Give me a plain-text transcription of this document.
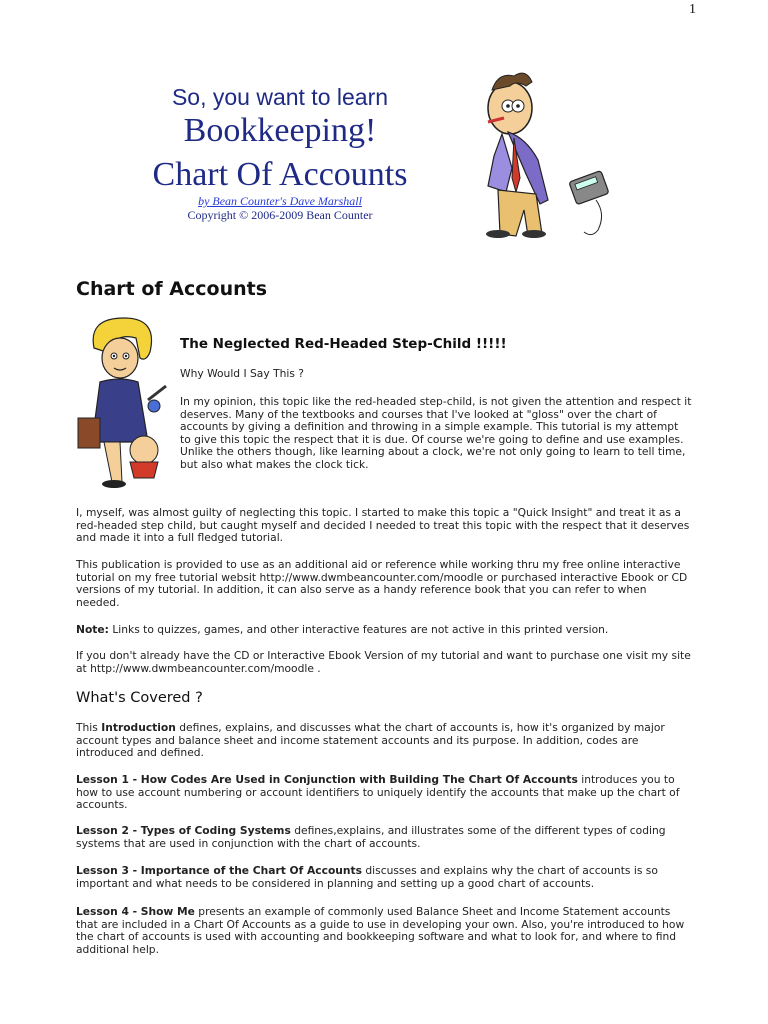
1
So, you want to learn
Bookkeeping!
Chart Of Accounts
by Bean Counter's Dave Marshall
Copyright © 2006-2009 Bean Counter
Chart of Accounts
The Neglected Red-Headed Step-Child !!!!!
Why Would I Say This ?
In my opinion, this topic like the red-headed step-child, is not given the attention and respect it deserves. Many of the textbooks and courses that I've looked at "gloss" over the chart of accounts by giving a definition and throwing in a simple example. This tutorial is my attempt to give this topic the respect that it is due. Of course we're going to define and use examples. Unlike the others though, like learning about a clock, we're not only going to learn to tell time, but also what makes the clock tick.
I, myself, was almost guilty of neglecting this topic. I started to make this topic a "Quick Insight" and treat it as a red-headed step child, but caught myself and decided I needed to treat this topic with the respect that it deserves and made it into a full fledged tutorial.
This publication is provided to use as an additional aid or reference while working thru my free online interactive tutorial on my free tutorial websit http://www.dwmbeancounter.com/moodle or purchased interactive Ebook or CD versions of my tutorial. In addition, it can also serve as a handy reference book that you can refer to when needed.
Note: Links to quizzes, games, and other interactive features are not active in this printed version.
If you don't already have the CD or Interactive Ebook Version of my tutorial and want to purchase one visit my site at http://www.dwmbeancounter.com/moodle .
What's Covered ?
This Introduction defines, explains, and discusses what the chart of accounts is, how it's organized by major account types and balance sheet and income statement accounts and its purpose. In addition, codes are introduced and defined.
Lesson 1 - How Codes Are Used in Conjunction with Building The Chart Of Accounts introduces you to how to use account numbering or account identifiers to uniquely identify the accounts that make up the chart of accounts.
Lesson 2 - Types of Coding Systems defines,explains, and illustrates some of the different types of coding systems that are used in conjunction with the chart of accounts.
Lesson 3 - Importance of the Chart Of Accounts discusses and explains why the chart of accounts is so important and what needs to be considered in planning and setting up a good chart of accounts.
Lesson 4 - Show Me presents an example of commonly used Balance Sheet and Income Statement accounts that are included in a Chart Of Accounts as a guide to use in developing your own. Also, you're introduced to how the chart of accounts is used with accounting and bookkeeping software and what to look for, and where to find additional help.
